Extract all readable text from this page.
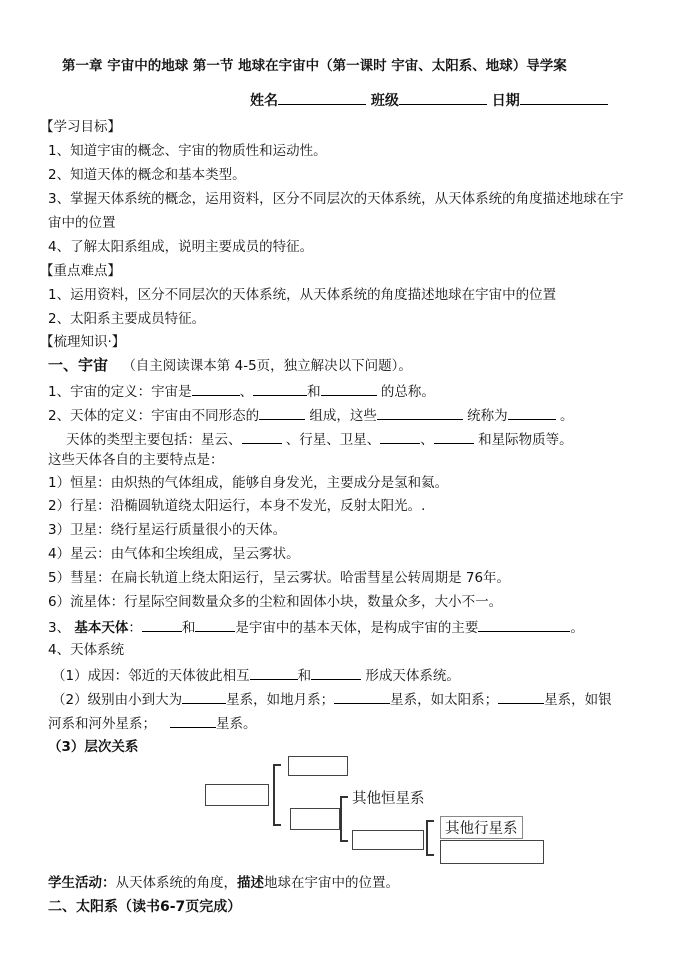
第一章 宇宙中的地球 第一节 地球在宇宙中（第一课时 宇宙、太阳系、地球）导学案
姓名	班级	日期
【学习目标】
1、知道宇宙的概念、宇宙的物质性和运动性。
2、知道天体的概念和基本类型。
3、掌握天体系统的概念，运用资料，区分不同层次的天体系统，从天体系统的角度描述地球在宇
宙中的位置
4、了解太阳系组成，说明主要成员的特征。
【重点难点】
1、运用资料，区分不同层次的天体系统，从天体系统的角度描述地球在宇宙中的位置
2、太阳系主要成员特征。
【梳理知识·】
一、宇宙 （自主阅读课本第 4-5页，独立解决以下问题）。
1、宇宙的定义：宇宙是	、	和	的总称。
2、天体的定义：宇宙由不同形态的	组成，这些	统称为	。
天体的类型主要包括：星云、	、行星、卫星、	、	和星际物质等。
这些天体各自的主要特点是：
1）恒星：由炽热的气体组成，能够自身发光，主要成分是氢和氦。
2）行星：沿椭圆轨道绕太阳运行，本身不发光，反射太阳光。.
3）卫星：绕行星运行质量很小的天体。
4）星云：由气体和尘埃组成，呈云雾状。
5）彗星：在扁长轨道上绕太阳运行，呈云雾状。哈雷彗星公转周期是 76年。
6）流星体：行星际空间数量众多的尘粒和固体小块，数量众多，大小不一。
3、 基本天体：	和	是宇宙中的基本天体，是构成宇宙的主要	。
4、天体系统
（1）成因：邻近的天体彼此相互	和	形成天体系统。
（2）级别由小到大为	星系，如地月系；	星系，如太阳系；	星系，如银
河系和河外星系；	星系。
（3）层次关系
其他恒星系
其他行星系
学生活动：从天体系统的角度，描述地球在宇宙中的位置。
二、太阳系（读书6-7页完成）
